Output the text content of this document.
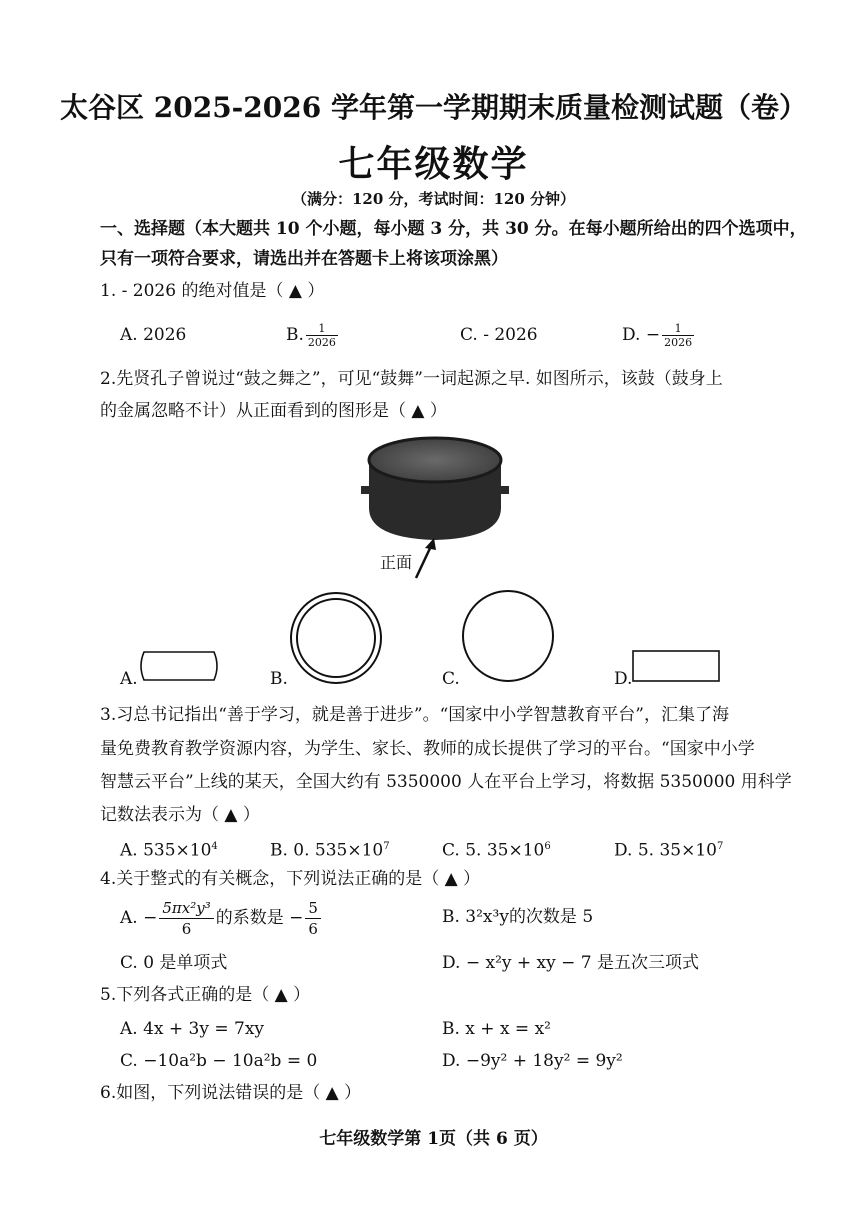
太谷区 2025-2026 学年第一学期期末质量检测试题（卷）
七年级数学
（满分：120 分，考试时间：120 分钟）
一、选择题（本大题共 10 个小题，每小题 3 分，共 30 分。在每小题所给出的四个选项中，
只有一项符合要求，请选出并在答题卡上将该项涂黑）
1. - 2026 的绝对值是（ ▲ ）
A. 2026	B. $\frac{1}{2026}$	C. - 2026	D. − $\frac{1}{2026}$
2.先贤孔子曾说过“鼓之舞之”，可见“鼓舞”一词起源之早. 如图所示，该鼓（鼓身上
的金属忽略不计）从正面看到的图形是（ ▲ ）
正面
A.	B.	C.	D.
3.习总书记指出“善于学习，就是善于进步”。“国家中小学智慧教育平台”，汇集了海
量免费教育教学资源内容，为学生、家长、教师的成长提供了学习的平台。“国家中小学
智慧云平台”上线的某天，全国大约有 5350000 人在平台上学习，将数据 5350000 用科学
记数法表示为（ ▲ ）
A. $535\times 10^4$	B. 0. $535\times 10^7$	C. 5. $35\times 10^6$	D. 5. $35\times 10^7$
4.关于整式的有关概念，下列说法正确的是（ ▲ ）
A. − $\frac{\text{5πx²y³}}{6}$ 的系数是 − $\frac{5}{6}$	B. 3²x³y的次数是 5
C. 0 是单项式	D. − x²y + xy − 7 是五次三项式
5.下列各式正确的是（ ▲ ）
A. 4x + 3y = 7xy	B. x + x = x²
C. −10a²b − 10a²b = 0	D. −9y² + 18y² = 9y²
6.如图，下列说法错误的是（ ▲ ）
七年级数学第 1页（共 6 页）
